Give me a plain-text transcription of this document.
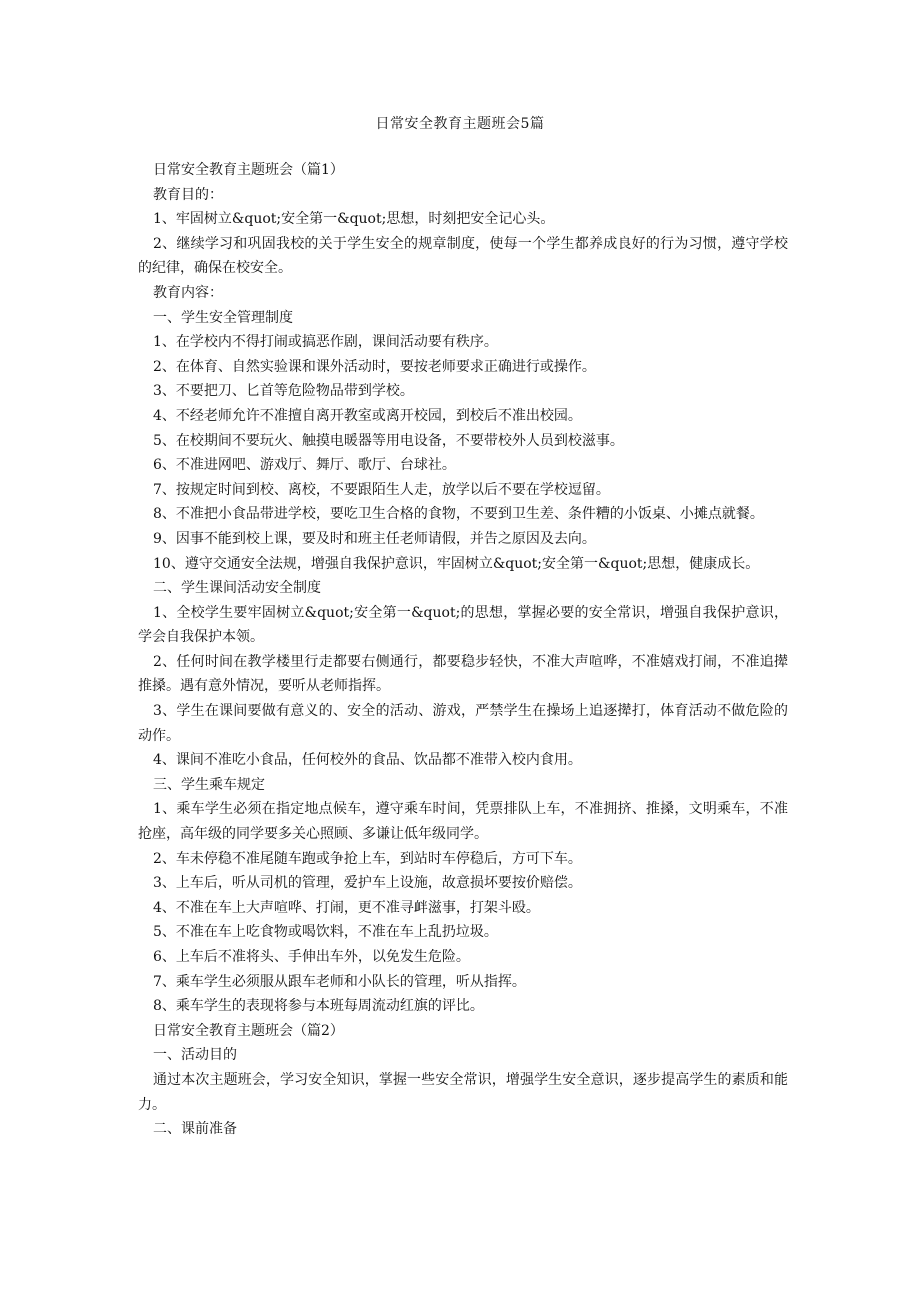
日常安全教育主题班会5篇

日常安全教育主题班会（篇1）

教育目的：

1、牢固树立&quot;安全第一&quot;思想，时刻把安全记心头。

2、继续学习和巩固我校的关于学生安全的规章制度，使每一个学生都养成良好的行为习惯，遵守学校的纪律，确保在校安全。

教育内容：

一、学生安全管理制度

1、在学校内不得打闹或搞恶作剧，课间活动要有秩序。

2、在体育、自然实验课和课外活动时，要按老师要求正确进行或操作。

3、不要把刀、匕首等危险物品带到学校。

4、不经老师允许不准擅自离开教室或离开校园，到校后不准出校园。

5、在校期间不要玩火、触摸电暖器等用电设备，不要带校外人员到校滋事。

6、不准进网吧、游戏厅、舞厅、歌厅、台球社。

7、按规定时间到校、离校，不要跟陌生人走，放学以后不要在学校逗留。

8、不准把小食品带进学校，要吃卫生合格的食物，不要到卫生差、条件糟的小饭桌、小摊点就餐。

9、因事不能到校上课，要及时和班主任老师请假，并告之原因及去向。

10、遵守交通安全法规，增强自我保护意识，牢固树立&quot;安全第一&quot;思想，健康成长。

二、学生课间活动安全制度

1、全校学生要牢固树立&quot;安全第一&quot;的思想，掌握必要的安全常识，增强自我保护意识，学会自我保护本领。

2、任何时间在教学楼里行走都要右侧通行，都要稳步轻快，不准大声喧哗，不准嬉戏打闹，不准追撵推搡。遇有意外情况，要听从老师指挥。

3、学生在课间要做有意义的、安全的活动、游戏，严禁学生在操场上追逐撵打，体育活动不做危险的动作。

4、课间不准吃小食品，任何校外的食品、饮品都不准带入校内食用。

三、学生乘车规定

1、乘车学生必须在指定地点候车，遵守乘车时间，凭票排队上车，不准拥挤、推搡，文明乘车，不准抢座，高年级的同学要多关心照顾、多谦让低年级同学。

2、车未停稳不准尾随车跑或争抢上车，到站时车停稳后，方可下车。

3、上车后，听从司机的管理，爱护车上设施，故意损坏要按价赔偿。

4、不准在车上大声喧哗、打闹，更不准寻衅滋事，打架斗殴。

5、不准在车上吃食物或喝饮料，不准在车上乱扔垃圾。

6、上车后不准将头、手伸出车外，以免发生危险。

7、乘车学生必须服从跟车老师和小队长的管理，听从指挥。

8、乘车学生的表现将参与本班每周流动红旗的评比。

日常安全教育主题班会（篇2）

一、活动目的

通过本次主题班会，学习安全知识，掌握一些安全常识，增强学生安全意识，逐步提高学生的素质和能力。

二、课前准备
